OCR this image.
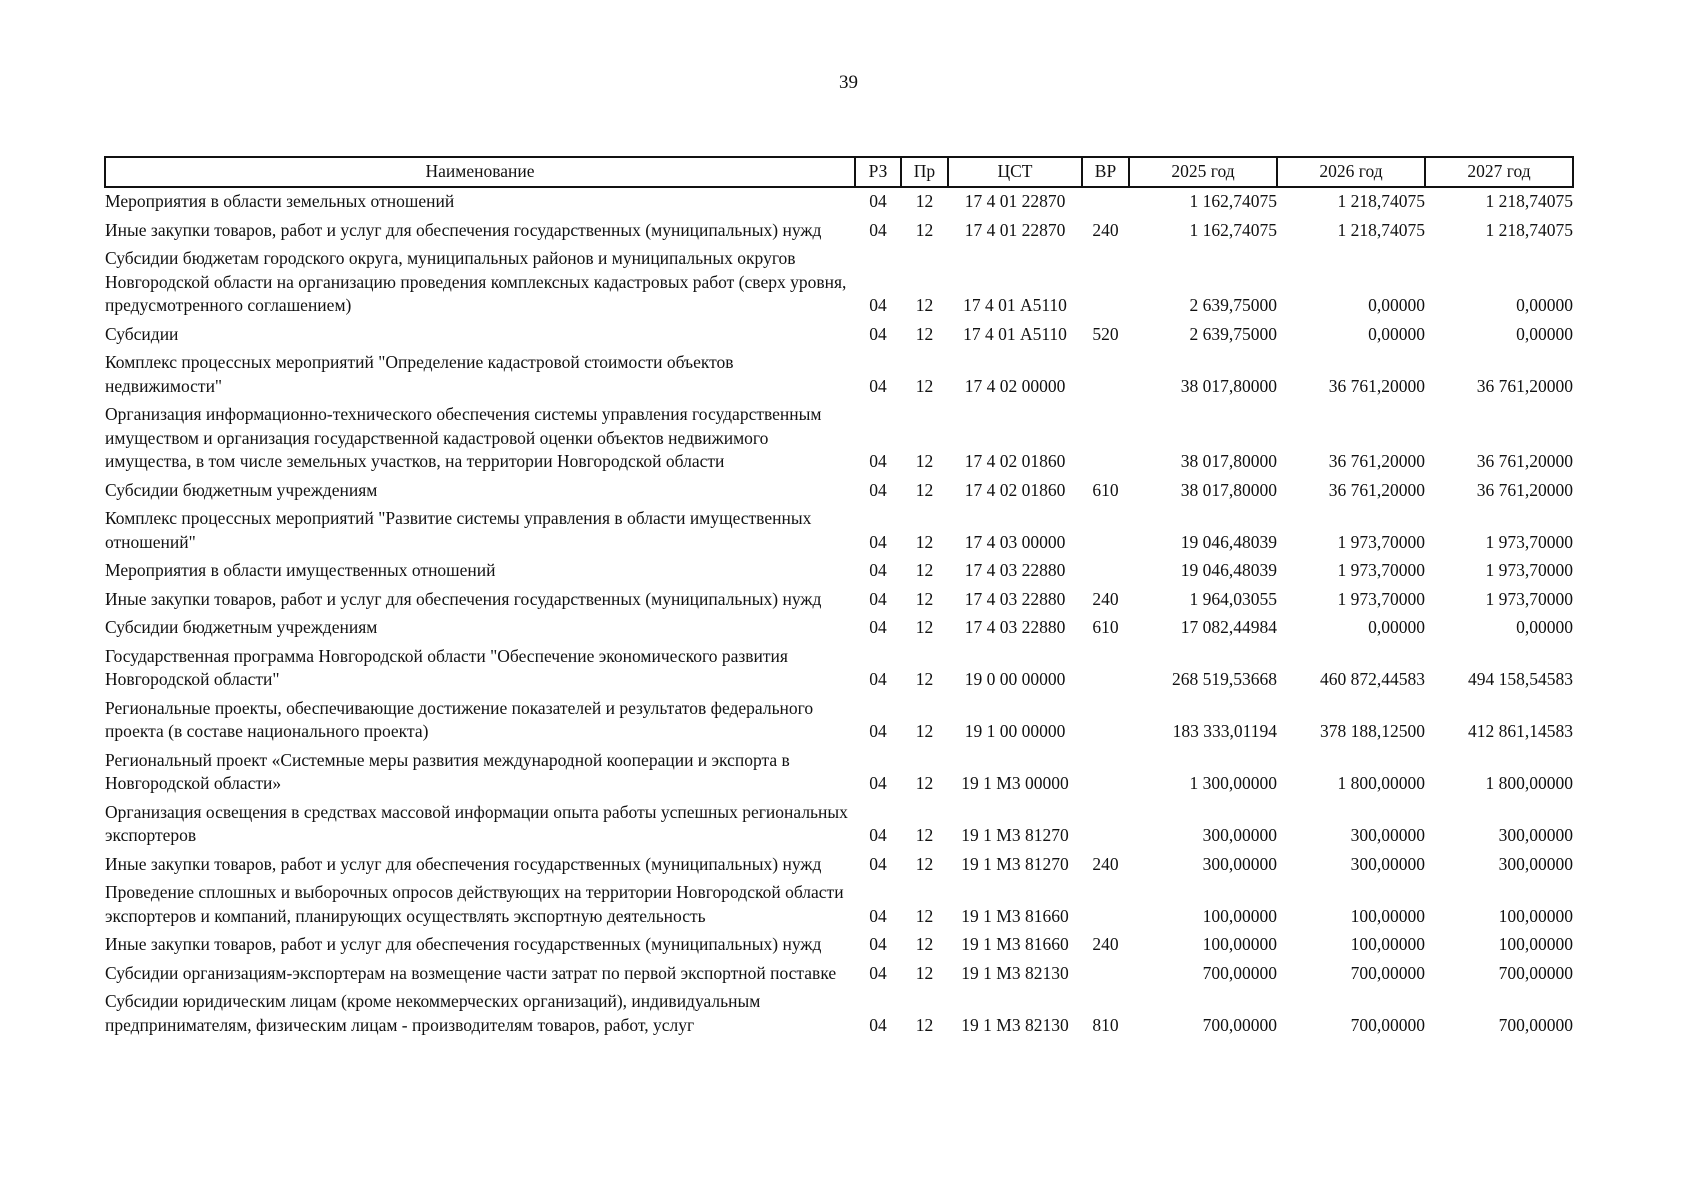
39
Наименование	РЗ	Пр	ЦСТ	ВР	2025 год	2026 год	2027 год
Мероприятия в области земельных отношений	04	12	17 4 01 22870		1 162,74075	1 218,74075	1 218,74075
Иные закупки товаров, работ и услуг для обеспечения государственных (муниципальных) нужд	04	12	17 4 01 22870	240	1 162,74075	1 218,74075	1 218,74075
Субсидии бюджетам городского округа, муниципальных районов и муниципальных округов Новгородской области на организацию проведения комплексных кадастровых работ (сверх уровня, предусмотренного соглашением)	04	12	17 4 01 А5110		2 639,75000	0,00000	0,00000
Субсидии	04	12	17 4 01 А5110	520	2 639,75000	0,00000	0,00000
Комплекс процессных мероприятий "Определение кадастровой стоимости объектов недвижимости"	04	12	17 4 02 00000		38 017,80000	36 761,20000	36 761,20000
Организация информационно-технического обеспечения системы управления государственным имуществом и организация государственной кадастровой оценки объектов недвижимого имущества, в том числе земельных участков, на территории Новгородской области	04	12	17 4 02 01860		38 017,80000	36 761,20000	36 761,20000
Субсидии бюджетным учреждениям	04	12	17 4 02 01860	610	38 017,80000	36 761,20000	36 761,20000
Комплекс процессных мероприятий "Развитие системы управления в области имущественных отношений"	04	12	17 4 03 00000		19 046,48039	1 973,70000	1 973,70000
Мероприятия в области имущественных отношений	04	12	17 4 03 22880		19 046,48039	1 973,70000	1 973,70000
Иные закупки товаров, работ и услуг для обеспечения государственных (муниципальных) нужд	04	12	17 4 03 22880	240	1 964,03055	1 973,70000	1 973,70000
Субсидии бюджетным учреждениям	04	12	17 4 03 22880	610	17 082,44984	0,00000	0,00000
Государственная программа Новгородской области "Обеспечение экономического развития Новгородской области"	04	12	19 0 00 00000		268 519,53668	460 872,44583	494 158,54583
Региональные проекты, обеспечивающие достижение показателей и результатов федерального проекта (в составе национального проекта)	04	12	19 1 00 00000		183 333,01194	378 188,12500	412 861,14583
Региональный проект «Системные меры развития международной кооперации и экспорта в Новгородской области»	04	12	19 1 М3 00000		1 300,00000	1 800,00000	1 800,00000
Организация освещения в средствах массовой информации опыта работы успешных региональных экспортеров	04	12	19 1 М3 81270		300,00000	300,00000	300,00000
Иные закупки товаров, работ и услуг для обеспечения государственных (муниципальных) нужд	04	12	19 1 М3 81270	240	300,00000	300,00000	300,00000
Проведение сплошных и выборочных опросов действующих на территории Новгородской области экспортеров и компаний, планирующих осуществлять экспортную деятельность	04	12	19 1 М3 81660		100,00000	100,00000	100,00000
Иные закупки товаров, работ и услуг для обеспечения государственных (муниципальных) нужд	04	12	19 1 М3 81660	240	100,00000	100,00000	100,00000
Субсидии организациям-экспортерам на возмещение части затрат по первой экспортной поставке	04	12	19 1 М3 82130		700,00000	700,00000	700,00000
Субсидии юридическим лицам (кроме некоммерческих организаций), индивидуальным предпринимателям, физическим лицам - производителям товаров, работ, услуг	04	12	19 1 М3 82130	810	700,00000	700,00000	700,00000
